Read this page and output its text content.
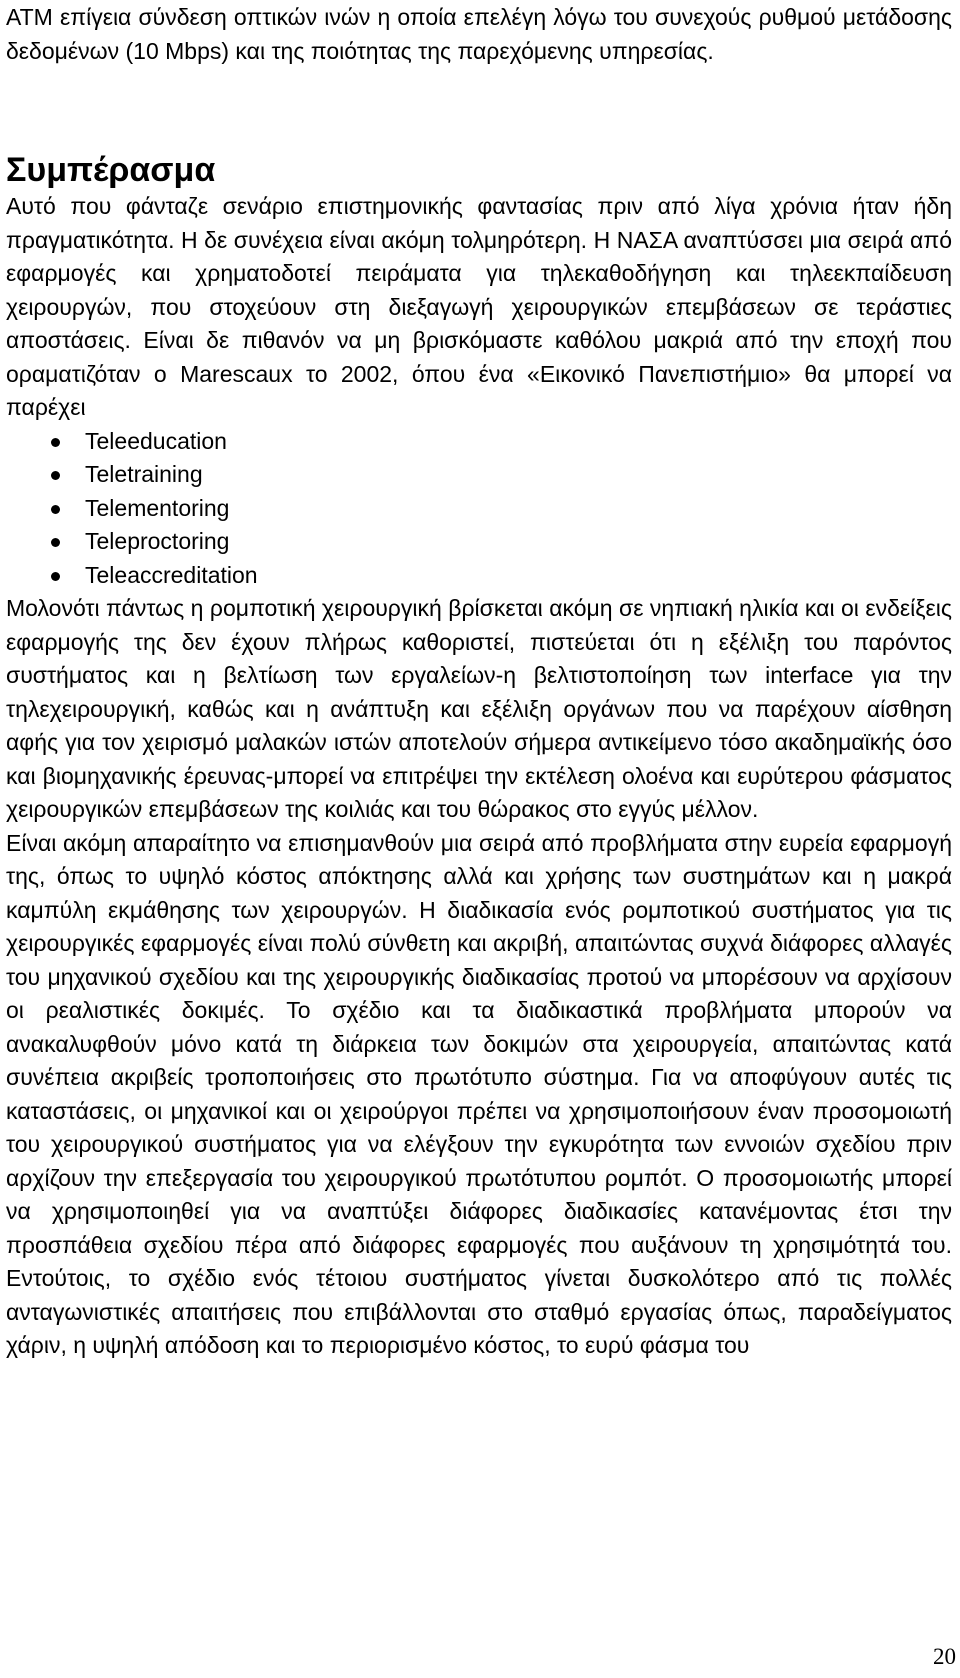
ATM επίγεια σύνδεση οπτικών ινών η οποία επελέγη λόγω του συνεχούς ρυθμού μετάδοσης δεδομένων (10 Mbps) και της ποιότητας της παρεχόμενης υπηρεσίας.

Συμπέρασμα

Αυτό που φάνταζε σενάριο επιστημονικής φαντασίας πριν από λίγα χρόνια ήταν ήδη πραγματικότητα. Η δε συνέχεια είναι ακόμη τολμηρότερη. Η ΝΑΣΑ αναπτύσσει μια σειρά από εφαρμογές και χρηματοδοτεί πειράματα για τηλεκαθοδήγηση και τηλεεκπαίδευση χειρουργών, που στοχεύουν στη διεξαγωγή χειρουργικών επεμβάσεων σε τεράστιες αποστάσεις. Είναι δε πιθανόν να μη βρισκόμαστε καθόλου μακριά από την εποχή που οραματιζόταν ο Marescaux το 2002, όπου ένα «Εικονικό Πανεπιστήμιο» θα μπορεί να παρέχει

Teleeducation
Teletraining
Telementoring
Teleproctoring
Teleaccreditation

Μολονότι πάντως η ρομποτική χειρουργική βρίσκεται ακόμη σε νηπιακή ηλικία και οι ενδείξεις εφαρμογής της δεν έχουν πλήρως καθοριστεί, πιστεύεται ότι η εξέλιξη του παρόντος συστήματος και η βελτίωση των εργαλείων-η βελτιστοποίηση των interface για την τηλεχειρουργική, καθώς και η ανάπτυξη και εξέλιξη οργάνων που να παρέχουν αίσθηση αφής για τον χειρισμό μαλακών ιστών αποτελούν σήμερα αντικείμενο τόσο ακαδημαϊκής όσο και βιομηχανικής έρευνας-μπορεί να επιτρέψει την εκτέλεση ολοένα και ευρύτερου φάσματος χειρουργικών επεμβάσεων της κοιλιάς και του θώρακος στο εγγύς μέλλον.

Είναι ακόμη απαραίτητο να επισημανθούν μια σειρά από προβλήματα στην ευρεία εφαρμογή της, όπως το υψηλό κόστος απόκτησης αλλά και χρήσης των συστημάτων και η μακρά καμπύλη εκμάθησης των χειρουργών. Η διαδικασία ενός ρομποτικού συστήματος για τις χειρουργικές εφαρμογές είναι πολύ σύνθετη και ακριβή, απαιτώντας συχνά διάφορες αλλαγές του μηχανικού σχεδίου και της χειρουργικής διαδικασίας προτού να μπορέσουν να αρχίσουν οι ρεαλιστικές δοκιμές. Το σχέδιο και τα διαδικαστικά προβλήματα μπορούν να ανακαλυφθούν μόνο κατά τη διάρκεια των δοκιμών στα χειρουργεία, απαιτώντας κατά συνέπεια ακριβείς τροποποιήσεις στο πρωτότυπο σύστημα. Για να αποφύγουν αυτές τις καταστάσεις, οι μηχανικοί και οι χειρούργοι πρέπει να χρησιμοποιήσουν έναν προσομοιωτή του χειρουργικού συστήματος για να ελέγξουν την εγκυρότητα των εννοιών σχεδίου πριν αρχίζουν την επεξεργασία του χειρουργικού πρωτότυπου ρομπότ. Ο προσομοιωτής μπορεί να χρησιμοποιηθεί για να αναπτύξει διάφορες διαδικασίες κατανέμοντας έτσι την προσπάθεια σχεδίου πέρα από διάφορες εφαρμογές που αυξάνουν τη χρησιμότητά του. Εντούτοις, το σχέδιο ενός τέτοιου συστήματος γίνεται δυσκολότερο από τις πολλές ανταγωνιστικές απαιτήσεις που επιβάλλονται στο σταθμό εργασίας όπως, παραδείγματος χάριν, η υψηλή απόδοση και το περιορισμένο κόστος, το ευρύ φάσμα του

20
